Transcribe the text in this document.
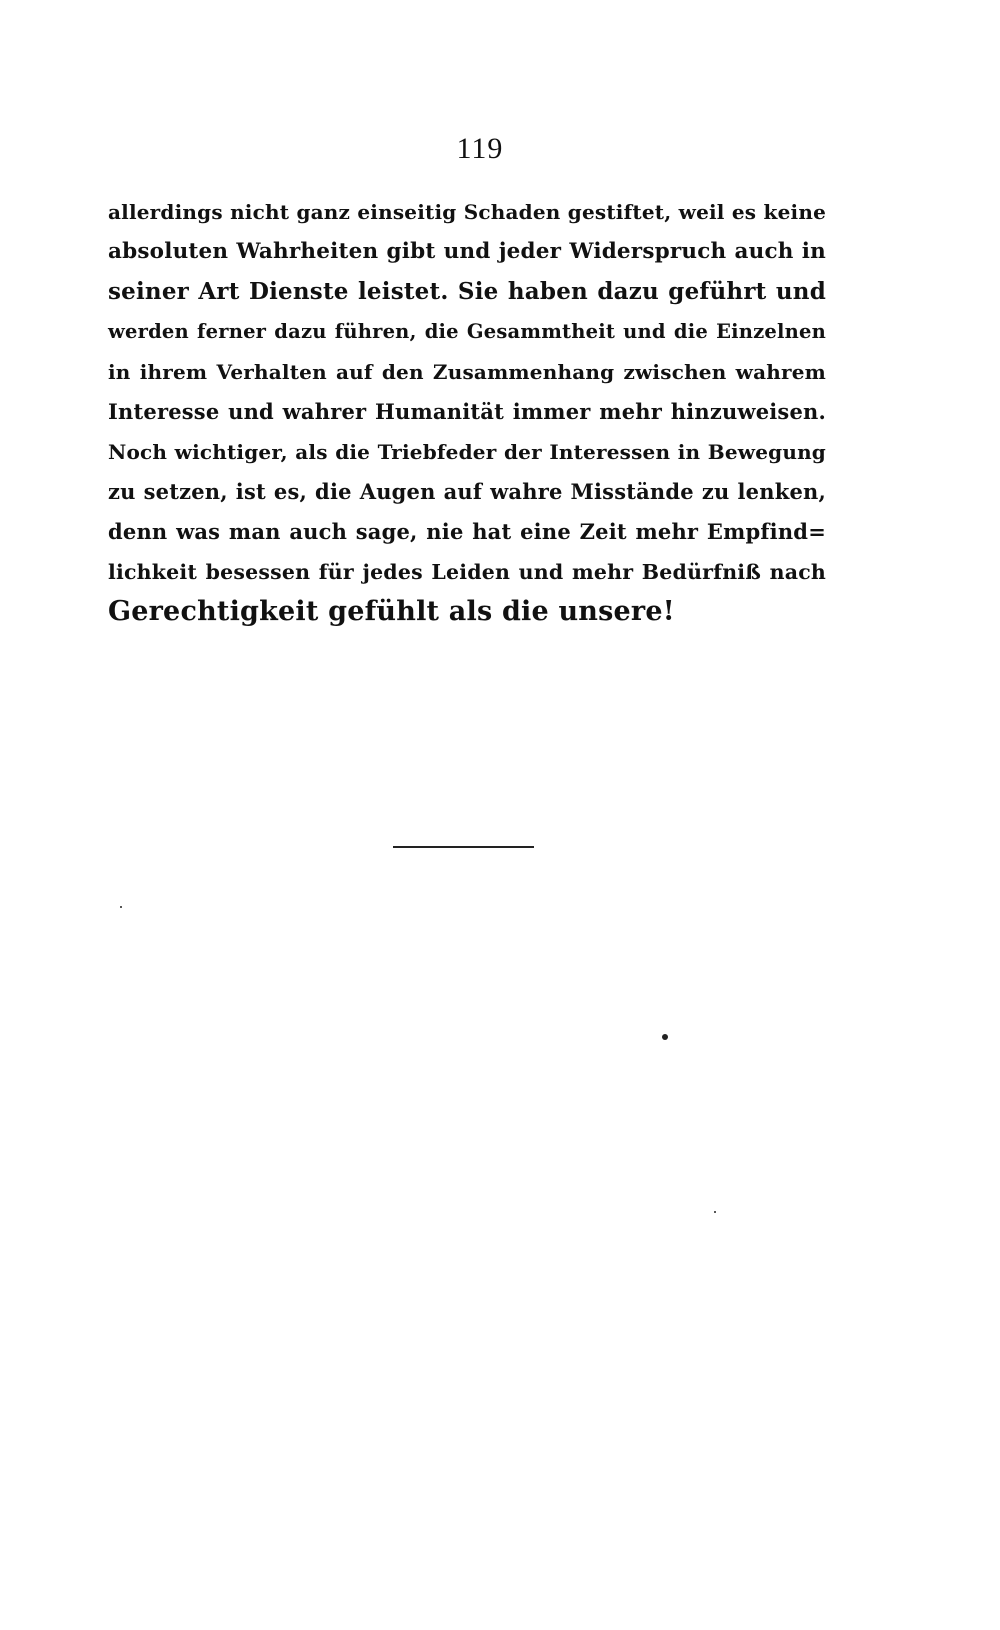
119
allerdings nicht ganz einseitig Schaden gestiftet, weil es keine
absoluten Wahrheiten gibt und jeder Widerspruch auch in
seiner Art Dienste leistet. Sie haben dazu geführt und
werden ferner dazu führen, die Gesammtheit und die Einzelnen
in ihrem Verhalten auf den Zusammenhang zwischen wahrem
Interesse und wahrer Humanität immer mehr hinzuweisen.
Noch wichtiger, als die Triebfeder der Interessen in Bewegung
zu setzen, ist es, die Augen auf wahre Misstände zu lenken,
denn was man auch sage, nie hat eine Zeit mehr Empfind=
lichkeit besessen für jedes Leiden und mehr Bedürfniß nach
Gerechtigkeit gefühlt als die unsere!
